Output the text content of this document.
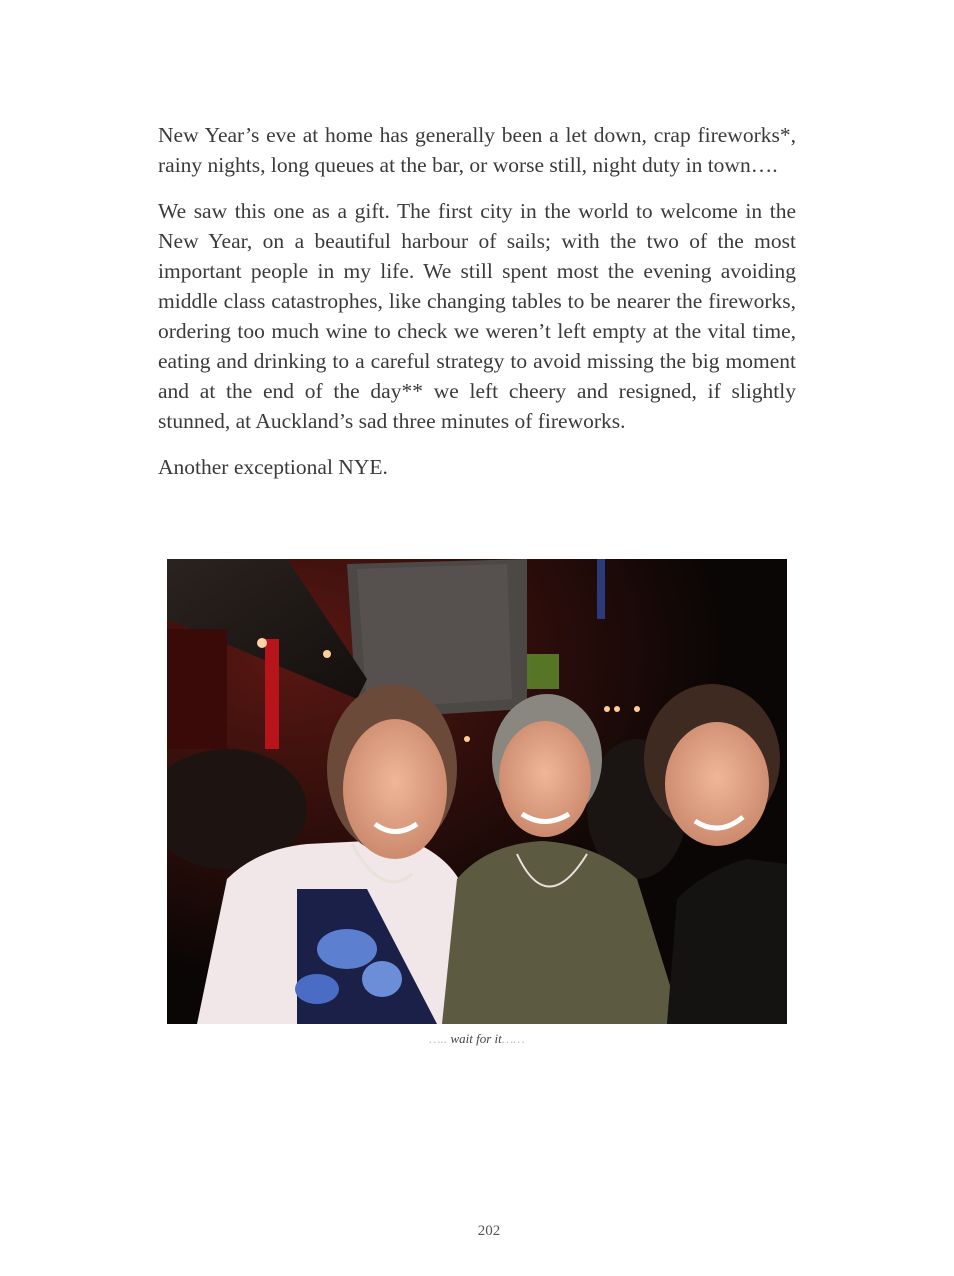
New Year’s eve at home has generally been a let down, crap fireworks*, rainy nights, long queues at the bar, or worse still, night duty in town….

We saw this one as a gift. The first city in the world to welcome in the New Year, on a beautiful harbour of sails; with the two of the most important people in my life. We still spent most the evening avoiding middle class catastrophes, like changing tables to be nearer the fireworks, ordering too much wine to check we weren’t left empty at the vital time, eating and drinking to a careful strategy to avoid missing the big moment and at the end of the day** we left cheery and resigned, if slightly stunned, at Auckland’s sad three minutes of fireworks.

Another exceptional NYE.

….. wait for it……
202
